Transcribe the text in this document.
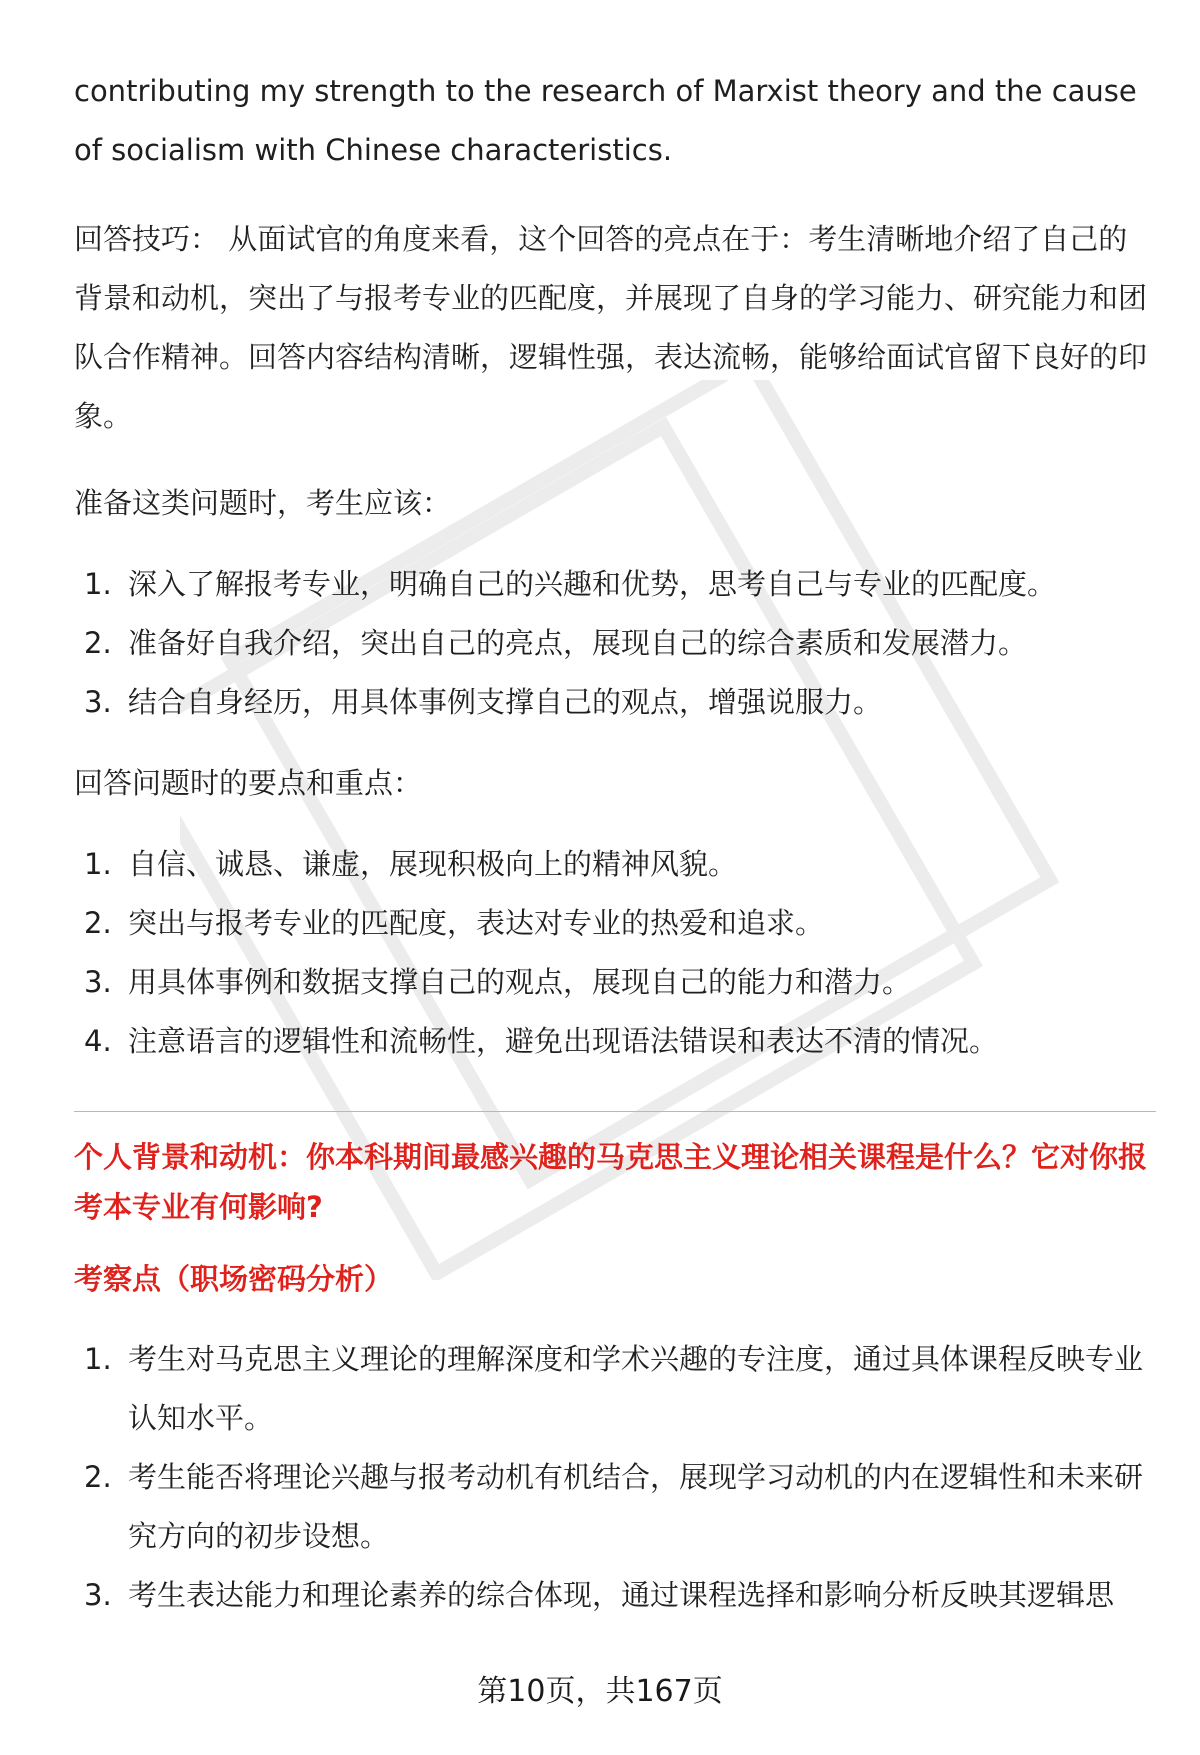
contributing my strength to the research of Marxist theory and the cause of socialism with Chinese characteristics.

回答技巧： 从面试官的角度来看，这个回答的亮点在于：考生清晰地介绍了自己的背景和动机，突出了与报考专业的匹配度，并展现了自身的学习能力、研究能力和团队合作精神。回答内容结构清晰，逻辑性强，表达流畅，能够给面试官留下良好的印象。

准备这类问题时，考生应该：

1. 深入了解报考专业，明确自己的兴趣和优势，思考自己与专业的匹配度。
2. 准备好自我介绍，突出自己的亮点，展现自己的综合素质和发展潜力。
3. 结合自身经历，用具体事例支撑自己的观点，增强说服力。

回答问题时的要点和重点：

1. 自信、诚恳、谦虚，展现积极向上的精神风貌。
2. 突出与报考专业的匹配度，表达对专业的热爱和追求。
3. 用具体事例和数据支撑自己的观点，展现自己的能力和潜力。
4. 注意语言的逻辑性和流畅性，避免出现语法错误和表达不清的情况。

个人背景和动机：你本科期间最感兴趣的马克思主义理论相关课程是什么？它对你报考本专业有何影响?

考察点（职场密码分析）

1. 考生对马克思主义理论的理解深度和学术兴趣的专注度，通过具体课程反映专业认知水平。
2. 考生能否将理论兴趣与报考动机有机结合，展现学习动机的内在逻辑性和未来研究方向的初步设想。
3. 考生表达能力和理论素养的综合体现，通过课程选择和影响分析反映其逻辑思
第10页，共167页
